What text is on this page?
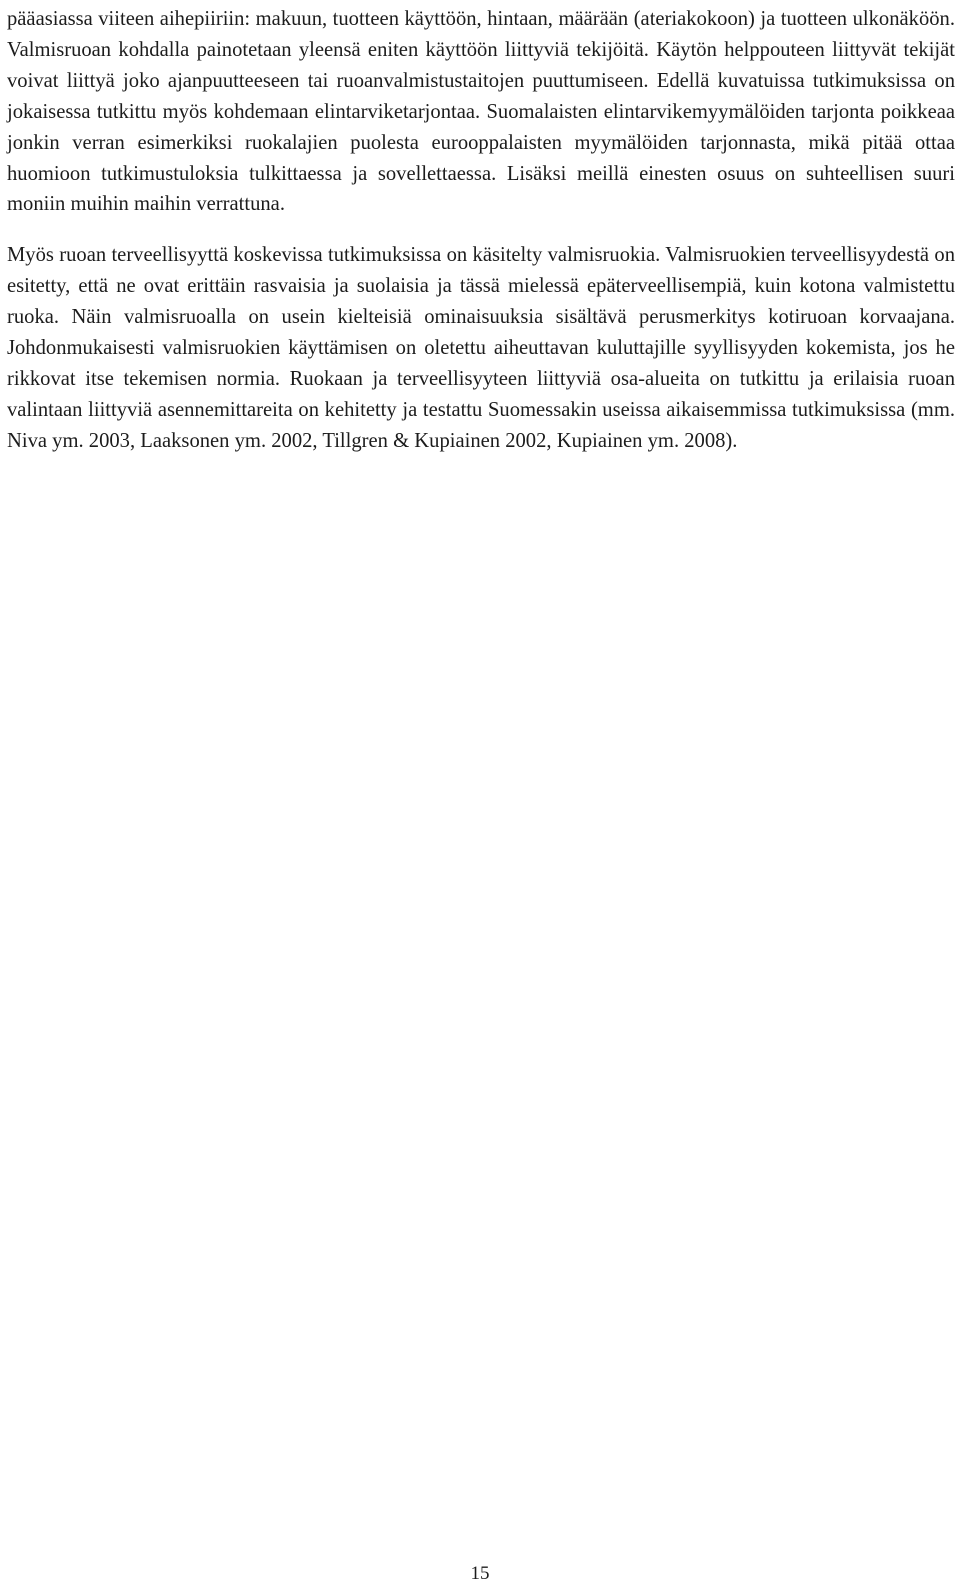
pääasiassa viiteen aihepiiriin: makuun, tuotteen käyttöön, hintaan, määrään (ateriakokoon) ja tuotteen ulkonäköön. Valmisruoan kohdalla painotetaan yleensä eniten käyttöön liittyviä tekijöitä. Käytön helppouteen liittyvät tekijät voivat liittyä joko ajanpuutteeseen tai ruoanvalmistustaitojen puuttumiseen. Edellä kuvatuissa tutkimuksissa on jokaisessa tutkittu myös kohdemaan elintarviketarjontaa. Suomalaisten elintarvikemyymälöiden tarjonta poikkeaa jonkin verran esimerkiksi ruokalajien puolesta eurooppalaisten myymälöiden tarjonnasta, mikä pitää ottaa huomioon tutkimustuloksia tulkittaessa ja sovellettaessa. Lisäksi meillä einesten osuus on suhteellisen suuri moniin muihin maihin verrattuna.

Myös ruoan terveellisyyttä koskevissa tutkimuksissa on käsitelty valmisruokia. Valmisruokien terveellisyydestä on esitetty, että ne ovat erittäin rasvaisia ja suolaisia ja tässä mielessä epäterveellisempiä, kuin kotona valmistettu ruoka. Näin valmisruoalla on usein kielteisiä ominaisuuksia sisältävä perusmerkitys kotiruoan korvaajana. Johdonmukaisesti valmisruokien käyttämisen on oletettu aiheuttavan kuluttajille syyllisyyden kokemista, jos he rikkovat itse tekemisen normia. Ruokaan ja terveellisyyteen liittyviä osa-alueita on tutkittu ja erilaisia ruoan valintaan liittyviä asennemittareita on kehitetty ja testattu Suomessakin useissa aikaisemmissa tutkimuksissa (mm. Niva ym. 2003, Laaksonen ym. 2002, Tillgren & Kupiainen 2002, Kupiainen ym. 2008).

15
